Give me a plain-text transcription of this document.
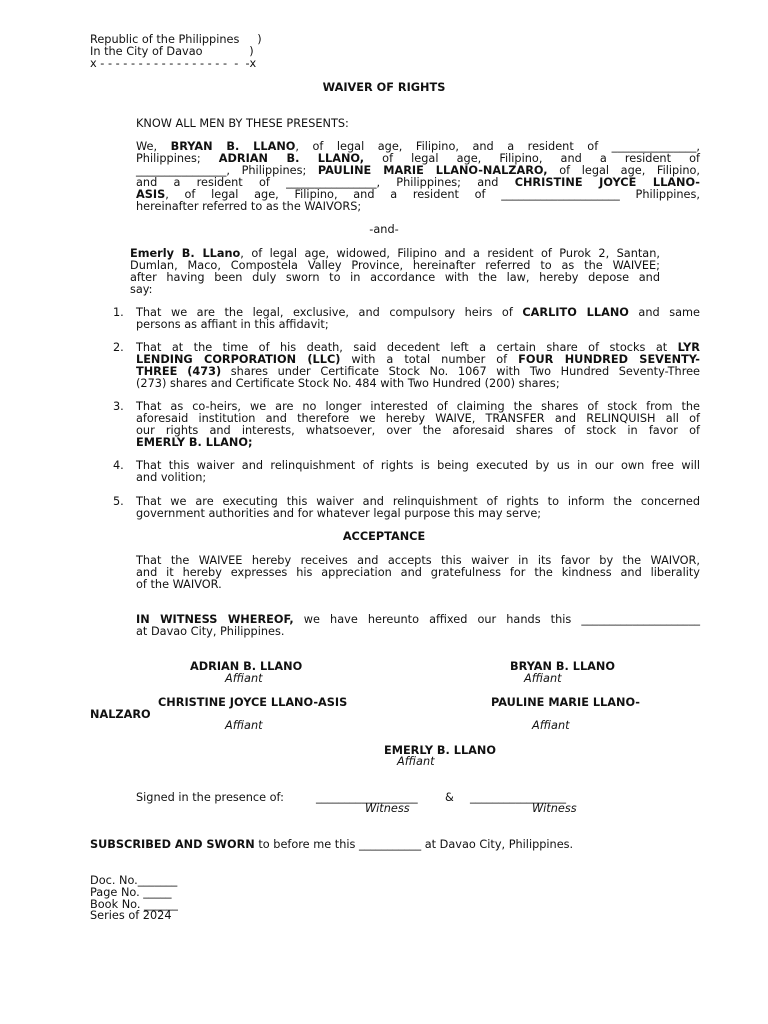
Republic of the Philippines     )
In the City of Davao             )
x - - - - - - - - - - - - - - - - -  -  -x
WAIVER OF RIGHTS
KNOW ALL MEN BY THESE PRESENTS:
We, BRYAN B. LLANO, of legal age, Filipino, and a resident of _______________,
Philippines; ADRIAN B. LLANO, of legal age, Filipino, and a resident of
________________, Philippines; PAULINE MARIE LLANO-NALZARO, of legal age, Filipino,
and a resident of ________________, Philippines; and CHRISTINE JOYCE LLANO-
ASIS, of legal age, Filipino, and a resident of _____________________ Philippines,
hereinafter referred to as the WAIVORS;
-and-
Emerly B. LLano, of legal age, widowed, Filipino and a resident of Purok 2, Santan,
Dumlan, Maco, Compostela Valley Province, hereinafter referred to as the WAIVEE;
after having been duly sworn to in accordance with the law, hereby depose and
say:
1. That we are the legal, exclusive, and compulsory heirs of CARLITO LLANO and same
persons as affiant in this affidavit;
2. That at the time of his death, said decedent left a certain share of stocks at LYR
LENDING CORPORATION (LLC) with a total number of FOUR HUNDRED SEVENTY-
THREE (473) shares under Certificate Stock No. 1067 with Two Hundred Seventy-Three
(273) shares and Certificate Stock No. 484 with Two Hundred (200) shares;
3. That as co-heirs, we are no longer interested of claiming the shares of stock from the
aforesaid institution and therefore we hereby WAIVE, TRANSFER and RELINQUISH all of
our rights and interests, whatsoever, over the aforesaid shares of stock in favor of
EMERLY B. LLANO;
4. That this waiver and relinquishment of rights is being executed by us in our own free will
and volition;
5. That we are executing this waiver and relinquishment of rights to inform the concerned
government authorities and for whatever legal purpose this may serve;
ACCEPTANCE
That the WAIVEE hereby receives and accepts this waiver in its favor by the WAIVOR,
and it hereby expresses his appreciation and gratefulness for the kindness and liberality
of the WAIVOR.
IN WITNESS WHEREOF, we have hereunto affixed our hands this _____________________
at Davao City, Philippines.
ADRIAN B. LLANO
Affiant
BRYAN B. LLANO
Affiant
CHRISTINE JOYCE LLANO-ASIS	PAULINE MARIE LLANO-
NALZARO
Affiant	Affiant
EMERLY B. LLANO
Affiant
Signed in the presence of:	__________________ & _________________
Witness	Witness
SUBSCRIBED AND SWORN to before me this ___________ at Davao City, Philippines.
Doc. No._______
Page No. _____
Book No. ______
Series of 2024
